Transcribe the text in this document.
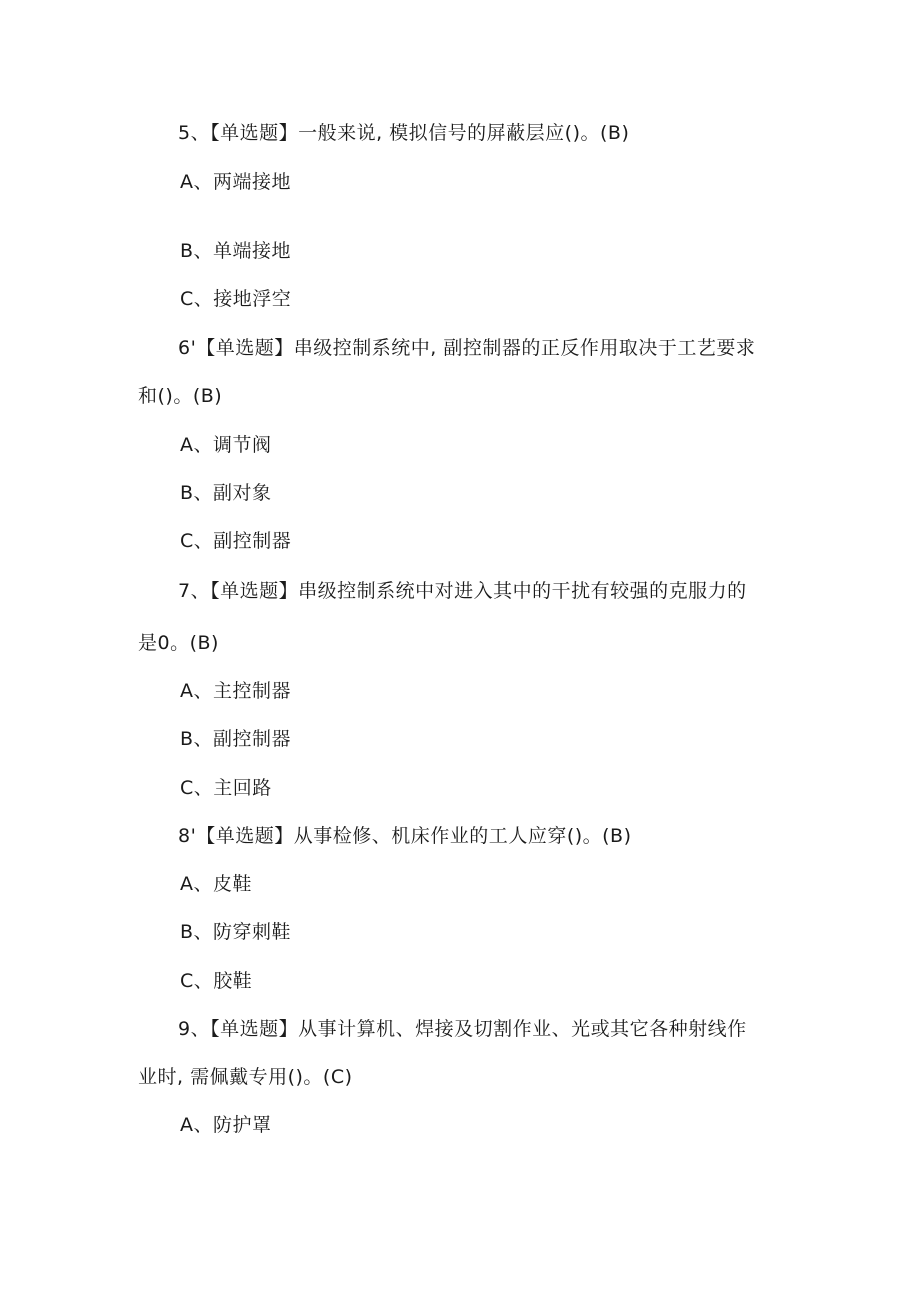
5、【单选题】一般来说, 模拟信号的屏蔽层应()。(B)
A、两端接地
B、单端接地
C、接地浮空
6'【单选题】串级控制系统中, 副控制器的正反作用取决于工艺要求
和()。(B)
A、调节阀
B、副对象
C、副控制器
7、【单选题】串级控制系统中对进入其中的干扰有较强的克服力的
是0。(B)
A、主控制器
B、副控制器
C、主回路
8'【单选题】从事检修、机床作业的工人应穿()。(B)
A、皮鞋
B、防穿刺鞋
C、胶鞋
9、【单选题】从事计算机、焊接及切割作业、光或其它各种射线作
业时, 需佩戴专用()。(C)
A、防护罩
